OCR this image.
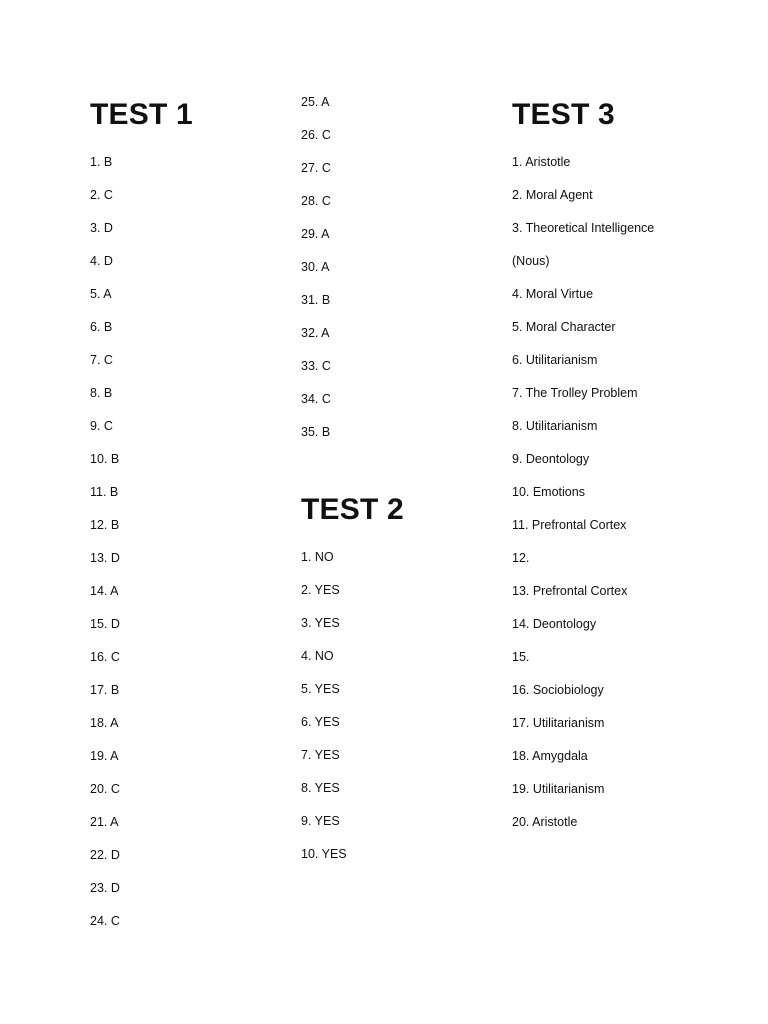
TEST 1
1. B
2. C
3. D
4. D
5. A
6. B
7. C
8. B
9. C
10. B
11. B
12. B
13. D
14. A
15. D
16. C
17. B
18. A
19. A
20. C
21. A
22. D
23. D
24. C
25. A
26. C
27. C
28. C
29. A
30. A
31. B
32. A
33. C
34. C
35. B
TEST 2
1. NO
2. YES
3. YES
4. NO
5. YES
6. YES
7. YES
8. YES
9. YES
10. YES
TEST 3
1. Aristotle
2. Moral Agent
3. Theoretical Intelligence
(Nous)
4. Moral Virtue
5. Moral Character
6. Utilitarianism
7. The Trolley Problem
8. Utilitarianism
9. Deontology
10. Emotions
11. Prefrontal Cortex
12.
13. Prefrontal Cortex
14. Deontology
15.
16. Sociobiology
17. Utilitarianism
18. Amygdala
19. Utilitarianism
20. Aristotle
